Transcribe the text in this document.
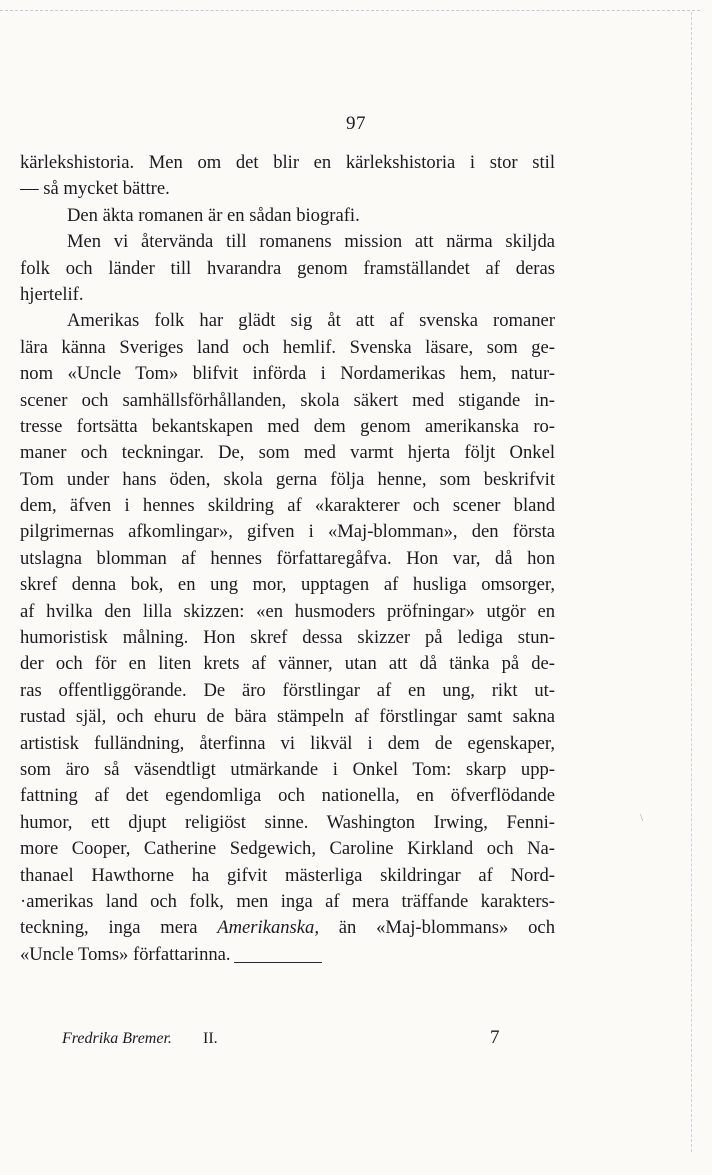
97
kärlekshistoria. Men om det blir en kärlekshistoria i stor stil
— så mycket bättre.
Den äkta romanen är en sådan biografi.
Men vi återvända till romanens mission att närma skiljda
folk och länder till hvarandra genom framställandet af deras
hjertelif.
Amerikas folk har glädt sig åt att af svenska romaner
lära känna Sveriges land och hemlif. Svenska läsare, som ge-
nom «Uncle Tom» blifvit införda i Nordamerikas hem, natur-
scener och samhällsförhållanden, skola säkert med stigande in-
tresse fortsätta bekantskapen med dem genom amerikanska ro-
maner och teckningar. De, som med varmt hjerta följt Onkel
Tom under hans öden, skola gerna följa henne, som beskrifvit
dem, äfven i hennes skildring af «karakterer och scener bland
pilgrimernas afkomlingar», gifven i «Maj-blomman», den första
utslagna blomman af hennes författaregåfva. Hon var, då hon
skref denna bok, en ung mor, upptagen af husliga omsorger,
af hvilka den lilla skizzen: «en husmoders pröfningar» utgör en
humoristisk målning. Hon skref dessa skizzer på lediga stun-
der och för en liten krets af vänner, utan att då tänka på de-
ras offentliggörande. De äro förstlingar af en ung, rikt ut-
rustad själ, och ehuru de bära stämpeln af förstlingar samt sakna
artistisk fulländning, återfinna vi likväl i dem de egenskaper,
som äro så väsendtligt utmärkande i Onkel Tom: skarp upp-
fattning af det egendomliga och nationella, en öfverflödande
humor, ett djupt religiöst sinne. Washington Irwing, Fenni-
more Cooper, Catherine Sedgewich, Caroline Kirkland och Na-
thanael Hawthorne ha gifvit mästerliga skildringar af Nord-
·amerikas land och folk, men inga af mera träffande karakters-
teckning, inga mera Amerikanska, än «Maj-blommans» och
«Uncle Toms» författarinna.
Fredrika Bremer. II.	7
\
